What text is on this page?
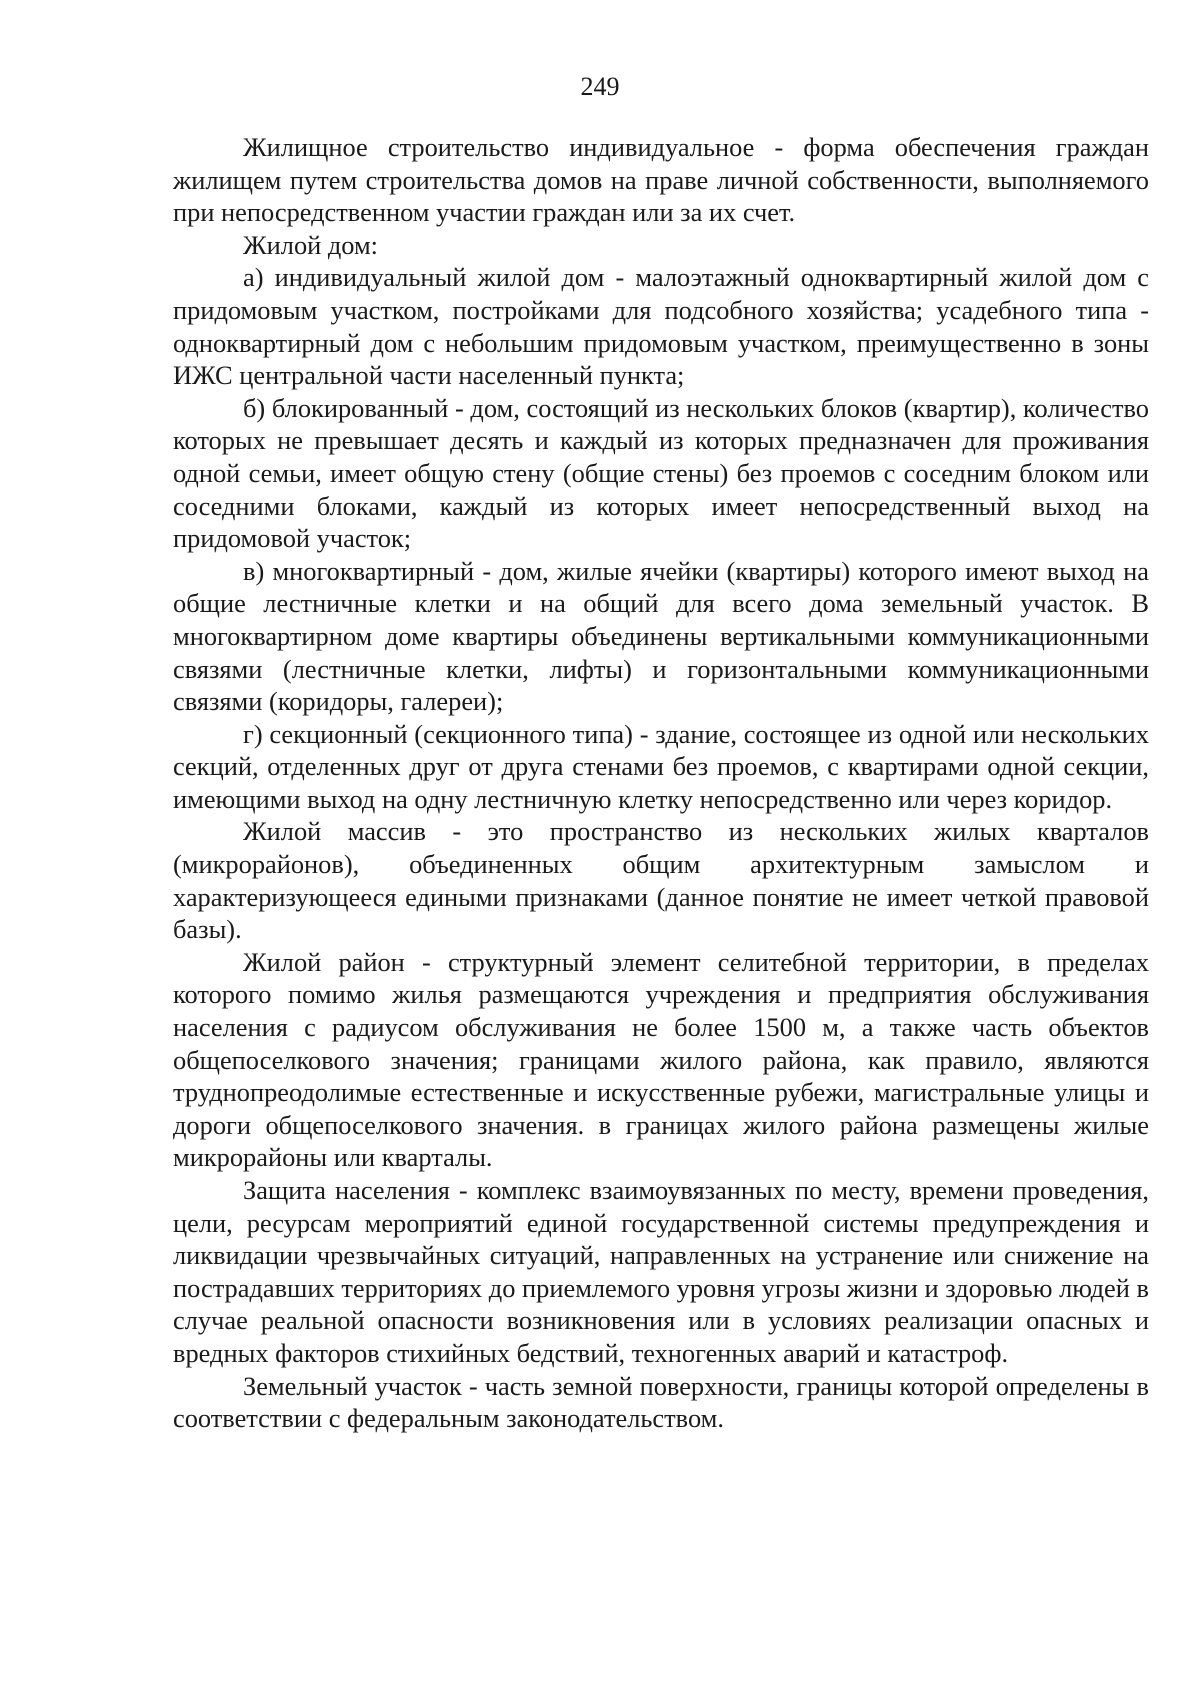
249

Жилищное строительство индивидуальное - форма обеспечения граждан жилищем путем строительства домов на праве личной собственности, выполняемого при непосредственном участии граждан или за их счет.

Жилой дом:

а) индивидуальный жилой дом - малоэтажный одноквартирный жилой дом с придомовым участком, постройками для подсобного хозяйства; усадебного типа - одноквартирный дом с небольшим придомовым участком, преимущественно в зоны ИЖС центральной части населенный пункта;

б) блокированный - дом, состоящий из нескольких блоков (квартир), количество которых не превышает десять и каждый из которых предназначен для проживания одной семьи, имеет общую стену (общие стены) без проемов с соседним блоком или соседними блоками, каждый из которых имеет непосредственный выход на придомовой участок;

в) многоквартирный - дом, жилые ячейки (квартиры) которого имеют выход на общие лестничные клетки и на общий для всего дома земельный участок. В многоквартирном доме квартиры объединены вертикальными коммуникационными связями (лестничные клетки, лифты) и горизонтальными коммуникационными связями (коридоры, галереи);

г) секционный (секционного типа) - здание, состоящее из одной или нескольких секций, отделенных друг от друга стенами без проемов, с квартирами одной секции, имеющими выход на одну лестничную клетку непосредственно или через коридор.

Жилой массив - это пространство из нескольких жилых кварталов (микрорайонов), объединенных общим архитектурным замыслом и характеризующееся едиными признаками (данное понятие не имеет четкой правовой базы).

Жилой район - структурный элемент селитебной территории, в пределах которого помимо жилья размещаются учреждения и предприятия обслуживания населения с радиусом обслуживания не более 1500 м, а также часть объектов общепоселкового значения; границами жилого района, как правило, являются труднопреодолимые естественные и искусственные рубежи, магистральные улицы и дороги общепоселкового значения. в границах жилого района размещены жилые микрорайоны или кварталы.

Защита населения - комплекс взаимоувязанных по месту, времени проведения, цели, ресурсам мероприятий единой государственной системы предупреждения и ликвидации чрезвычайных ситуаций, направленных на устранение или снижение на пострадавших территориях до приемлемого уровня угрозы жизни и здоровью людей в случае реальной опасности возникновения или в условиях реализации опасных и вредных факторов стихийных бедствий, техногенных аварий и катастроф.

Земельный участок - часть земной поверхности, границы которой определены в соответствии с федеральным законодательством.
